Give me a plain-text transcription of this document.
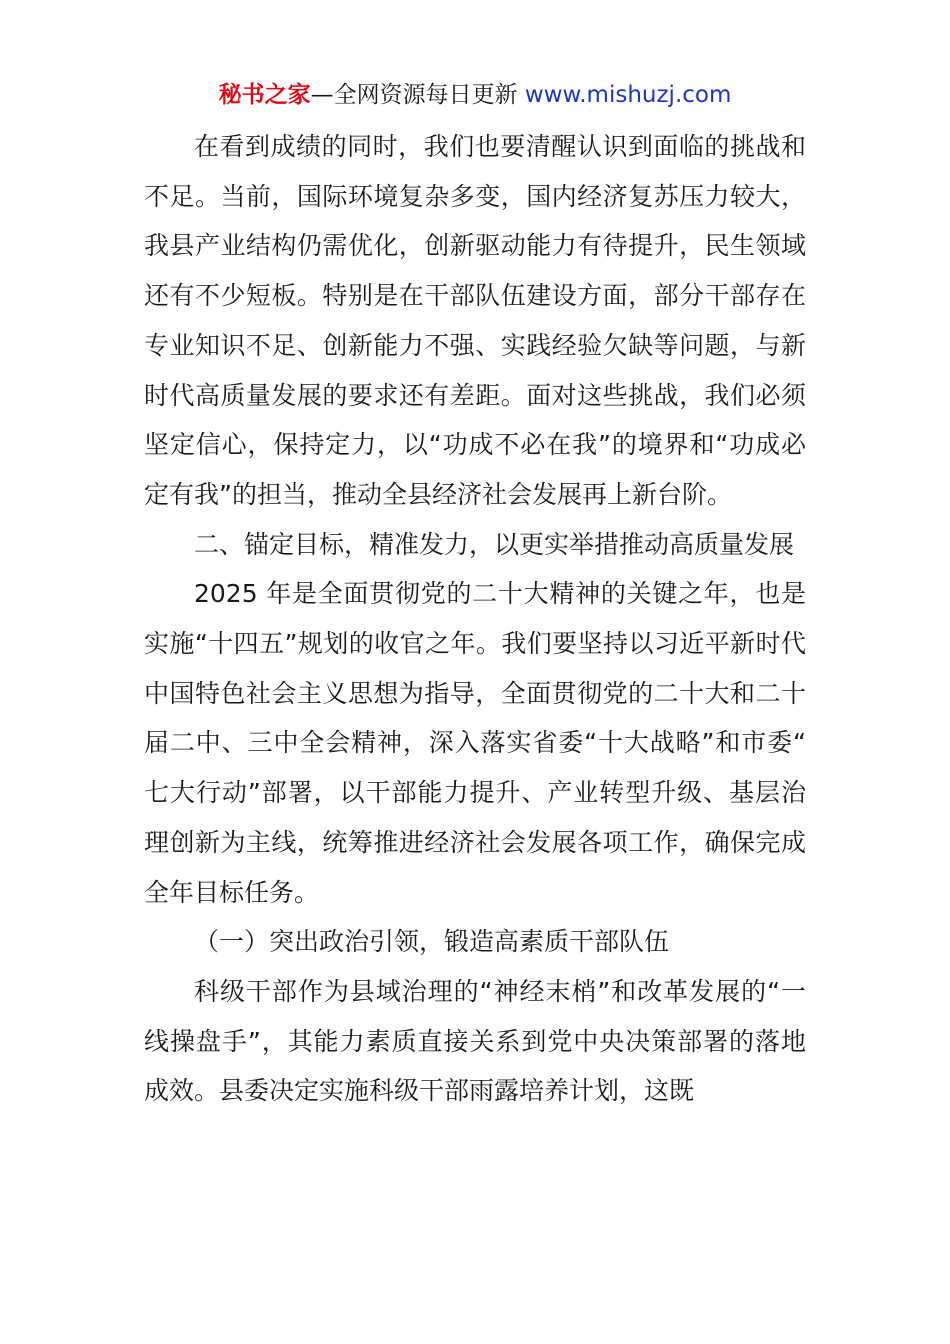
秘书之家—全网资源每日更新 www.mishuzj.com

在看到成绩的同时，我们也要清醒认识到面临的挑战和不足。当前，国际环境复杂多变，国内经济复苏压力较大，我县产业结构仍需优化，创新驱动能力有待提升，民生领域还有不少短板。特别是在干部队伍建设方面，部分干部存在专业知识不足、创新能力不强、实践经验欠缺等问题，与新时代高质量发展的要求还有差距。面对这些挑战，我们必须坚定信心，保持定力，以“功成不必在我”的境界和“功成必定有我”的担当，推动全县经济社会发展再上新台阶。

二、锚定目标，精准发力，以更实举措推动高质量发展

2025 年是全面贯彻党的二十大精神的关键之年，也是实施“十四五”规划的收官之年。我们要坚持以习近平新时代中国特色社会主义思想为指导，全面贯彻党的二十大和二十届二中、三中全会精神，深入落实省委“十大战略”和市委“七大行动”部署，以干部能力提升、产业转型升级、基层治理创新为主线，统筹推进经济社会发展各项工作，确保完成全年目标任务。

（一）突出政治引领，锻造高素质干部队伍

科级干部作为县域治理的“神经末梢”和改革发展的“一线操盘手”，其能力素质直接关系到党中央决策部署的落地成效。县委决定实施科级干部雨露培养计划，这既
